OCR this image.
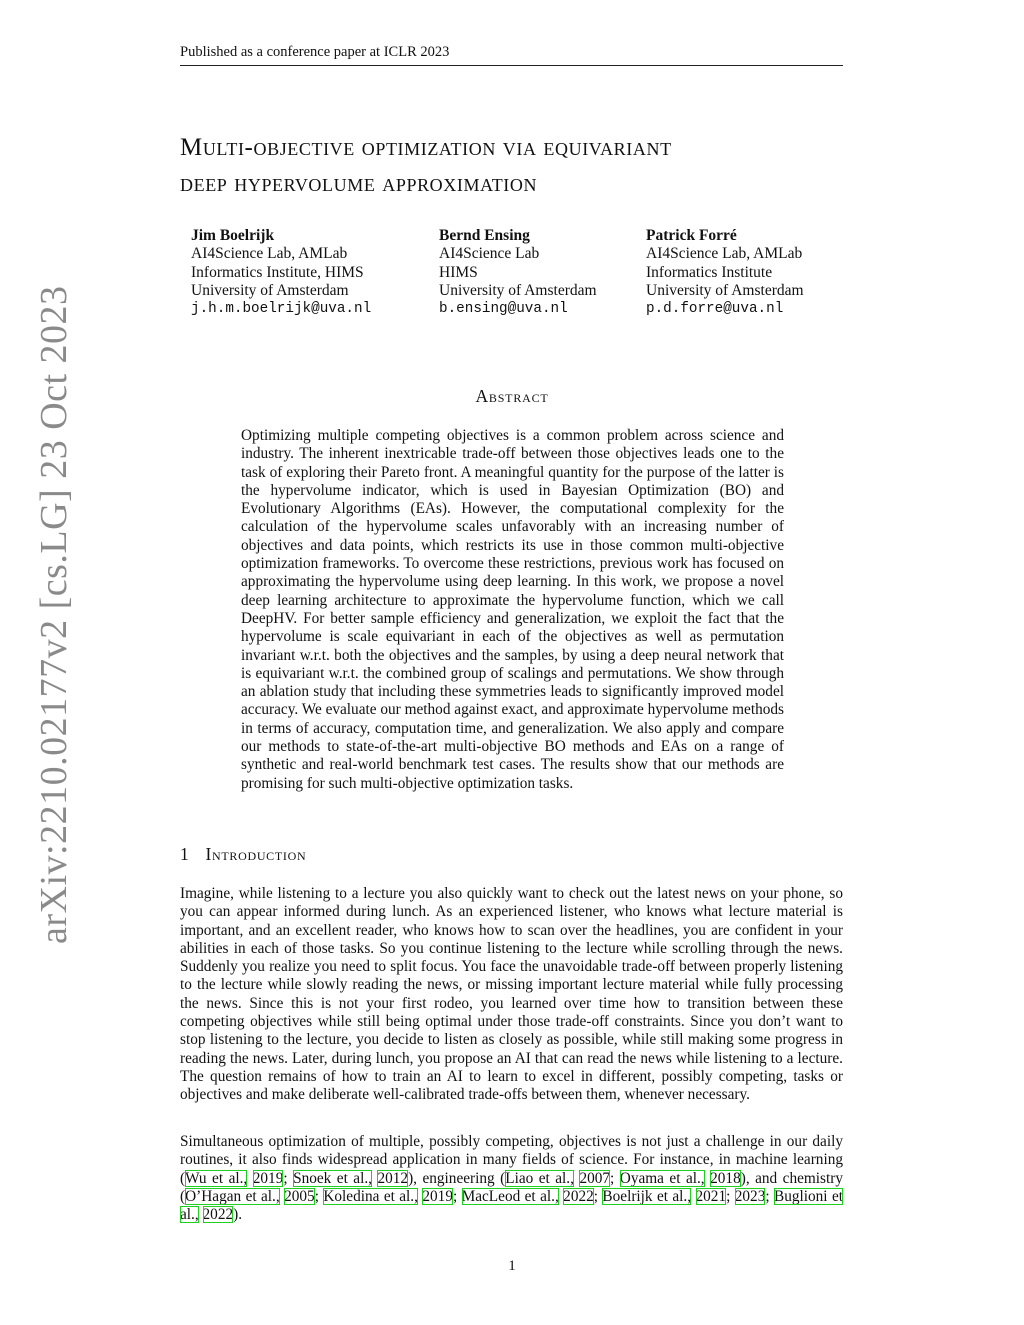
Published as a conference paper at ICLR 2023
Multi-objective optimization via equivariant
deep hypervolume approximation
Jim Boelrijk
AI4Science Lab, AMLab
Informatics Institute, HIMS
University of Amsterdam
j.h.m.boelrijk@uva.nl
Bernd Ensing
AI4Science Lab
HIMS
University of Amsterdam
b.ensing@uva.nl
Patrick Forré
AI4Science Lab, AMLab
Informatics Institute
University of Amsterdam
p.d.forre@uva.nl
arXiv:2210.02177v2 [cs.LG] 23 Oct 2023	Abstract

Optimizing multiple competing objectives is a common problem across science and industry. The inherent inextricable trade-off between those objectives leads one to the task of exploring their Pareto front. A meaningful quantity for the purpose of the latter is the hypervolume indicator, which is used in Bayesian Optimization (BO) and Evolutionary Algorithms (EAs). However, the computational complexity for the calculation of the hypervolume scales unfavorably with an increasing number of objectives and data points, which restricts its use in those common multi-objective optimization frameworks. To overcome these restrictions, previous work has focused on approximating the hypervolume using deep learning. In this work, we propose a novel deep learning architecture to approximate the hypervolume function, which we call DeepHV. For better sample efficiency and generalization, we exploit the fact that the hypervolume is scale equivariant in each of the objectives as well as permutation invariant w.r.t. both the objectives and the samples, by using a deep neural network that is equivariant w.r.t. the combined group of scalings and permutations. We show through an ablation study that including these symmetries leads to significantly improved model accuracy. We evaluate our method against exact, and approximate hypervolume methods in terms of accuracy, computation time, and generalization. We also apply and compare our methods to state-of-the-art multi-objective BO methods and EAs on a range of synthetic and real-world benchmark test cases. The results show that our methods are promising for such multi-objective optimization tasks.

1 Introduction

Imagine, while listening to a lecture you also quickly want to check out the latest news on your phone, so you can appear informed during lunch. As an experienced listener, who knows what lecture material is important, and an excellent reader, who knows how to scan over the headlines, you are confident in your abilities in each of those tasks. So you continue listening to the lecture while scrolling through the news. Suddenly you realize you need to split focus. You face the unavoidable trade-off between properly listening to the lecture while slowly reading the news, or missing important lecture material while fully processing the news. Since this is not your first rodeo, you learned over time how to transition between these competing objectives while still being optimal under those trade-off constraints. Since you don’t want to stop listening to the lecture, you decide to listen as closely as possible, while still making some progress in reading the news. Later, during lunch, you propose an AI that can read the news while listening to a lecture. The question remains of how to train an AI to learn to excel in different, possibly competing, tasks or objectives and make deliberate well-calibrated trade-offs between them, whenever necessary.

Simultaneous optimization of multiple, possibly competing, objectives is not just a challenge in our daily routines, it also finds widespread application in many fields of science. For instance, in machine learning (Wu et al., 2019; Snoek et al., 2012), engineering (Liao et al., 2007; Oyama et al., 2018), and chemistry (O’Hagan et al., 2005; Koledina et al., 2019; MacLeod et al., 2022; Boelrijk et al., 2021; 2023; Buglioni et al., 2022).

1
